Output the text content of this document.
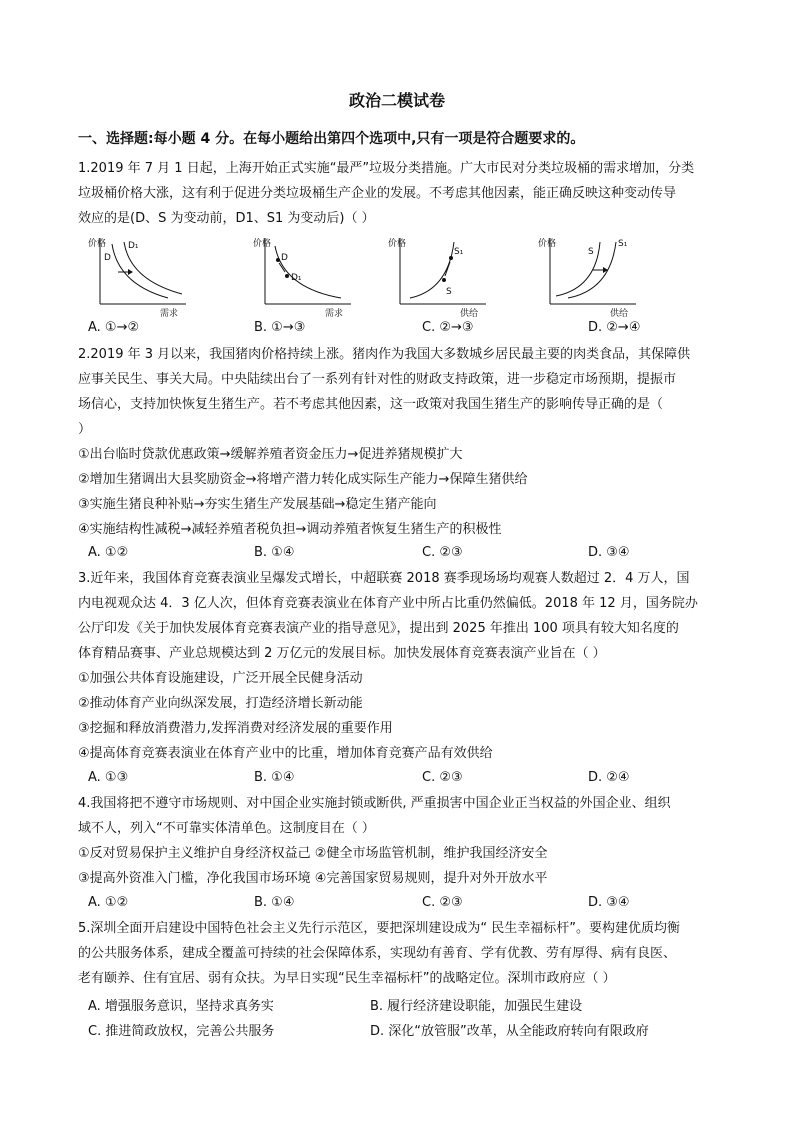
政治二模试卷
一、选择题:每小题 4 分。在每小题给出第四个选项中,只有一项是符合题要求的。
1.2019 年 7 月 1 日起，上海开始正式实施“最严”垃圾分类措施。广大市民对分类垃圾桶的需求增加，分类
垃圾桶价格大涨，这有利于促进分类垃圾桶生产企业的发展。不考虑其他因素，能正确反映这种变动传导
效应的是(D、S 为变动前，D1、S1 为变动后)（ ）
价格
需求
D
D₁	价格
需求
D
D₁
价格
供给
S
S₁
价格
供给
S
S₁
A. ①→②	B. ①→③	C. ②→③	D. ②→④
2.2019 年 3 月以来，我国猪肉价格持续上涨。猪肉作为我国大多数城乡居民最主要的肉类食品，其保障供
应事关民生、事关大局。中央陆续出台了一系列有针对性的财政支持政策，进一步稳定市场预期，提振市
场信心，支持加快恢复生猪生产。若不考虑其他因素，这一政策对我国生猪生产的影响传导正确的是（
）
①出台临时贷款优惠政策→缓解养殖者资金压力→促进养猪规模扩大
②增加生猪调出大县奖励资金→将增产潜力转化成实际生产能力→保障生猪供给
③实施生猪良种补贴→夯实生猪生产发展基础→稳定生猪产能向
④实施结构性减税→减轻养殖者税负担→调动养殖者恢复生猪生产的积极性
A. ①②	B. ①④	C. ②③	D. ③④
3.近年来，我国体育竞赛表演业呈爆发式增长，中超联赛 2018 赛季现场场均观赛人数超过 2．4 万人，国
内电视观众达 4．3 亿人次，但体育竞赛表演业在体育产业中所占比重仍然偏低。2018 年 12 月，国务院办
公厅印发《关于加快发展体育竞赛表演产业的指导意见》，提出到 2025 年推出 100 项具有较大知名度的
体育精品赛事、产业总规模达到 2 万亿元的发展目标。加快发展体育竞赛表演产业旨在（ ）
①加强公共体育设施建设，广泛开展全民健身活动
②推动体育产业向纵深发展，打造经济增长新动能
③挖掘和释放消费潜力,发挥消费对经济发展的重要作用
④提高体育竞赛表演业在体育产业中的比重，增加体育竞赛产品有效供给
A. ①③	B. ①④	C. ②③	D. ②④
4.我国将把不遵守市场规则、对中国企业实施封锁或断供, 严重损害中国企业正当权益的外国企业、组织
域不人，列入“不可靠实体清单色。这制度目在（ ）
①反对贸易保护主义维护自身经济权益己 ②健全市场监管机制，维护我国经济安全
③提高外资准入门槛，净化我国市场环境 ④完善国家贸易规则，提升对外开放水平
A. ①②	B. ①④	C. ②③	D. ③④
5.深圳全面开启建设中国特色社会主义先行示范区，要把深圳建设成为“ 民生幸福标杆”。要构建优质均衡
的公共服务体系，建成全覆盖可持续的社会保障体系，实现幼有善育、学有优教、劳有厚得、病有良医、
老有颐养、住有宜居、弱有众扶。为早日实现“民生幸福标杆”的战略定位。深圳市政府应（ ）
A. 增强服务意识，坚持求真务实	B. 履行经济建设职能，加强民生建设
C. 推进简政放权，完善公共服务	D. 深化“放管服”改革，从全能政府转向有限政府
